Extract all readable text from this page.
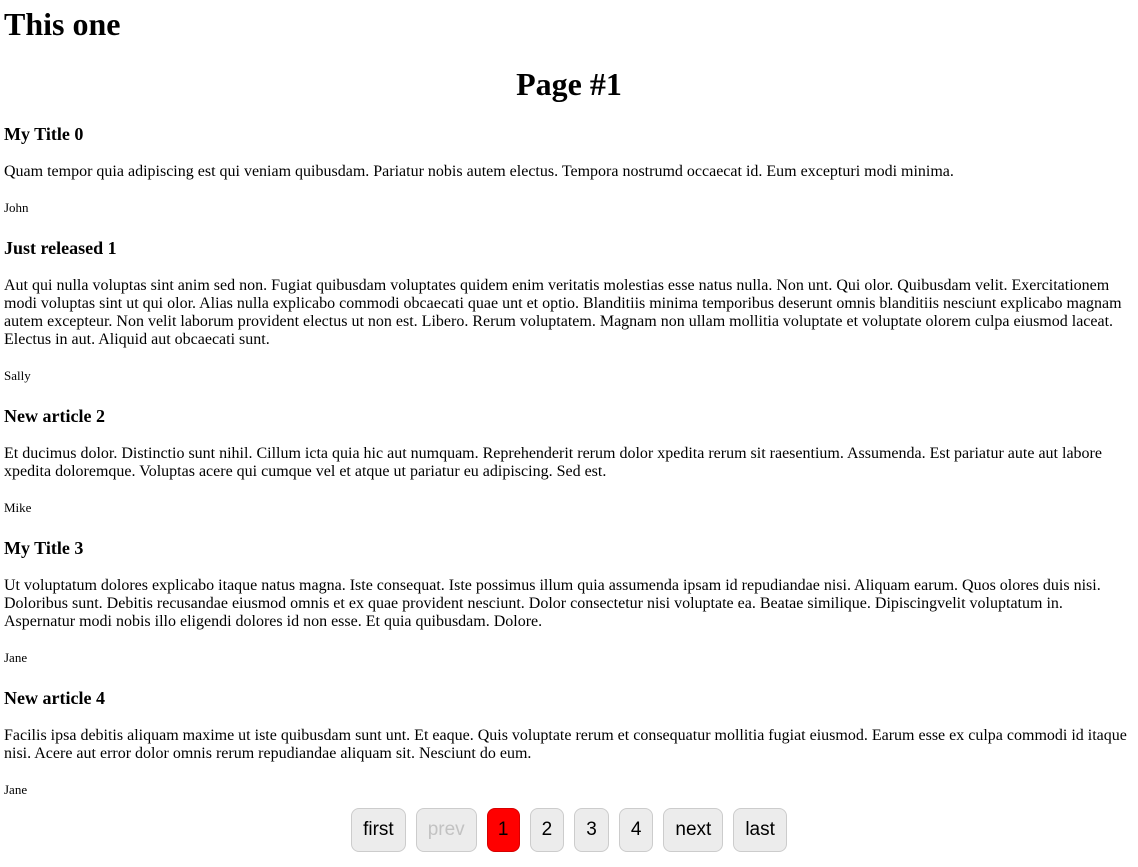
This one
Page #1
My Title 0

Quam tempor quia adipiscing est qui veniam quibusdam. Pariatur nobis autem electus. Tempora nostrumd occaecat id. Eum excepturi modi minima.

John

Just released 1

Aut qui nulla voluptas sint anim sed non. Fugiat quibusdam voluptates quidem enim veritatis molestias esse natus nulla. Non unt. Qui olor. Quibusdam velit. Exercitationem modi voluptas sint ut qui olor. Alias nulla explicabo commodi obcaecati quae unt et optio. Blanditiis minima temporibus deserunt omnis blanditiis nesciunt explicabo magnam autem excepteur. Non velit laborum provident electus ut non est. Libero. Rerum voluptatem. Magnam non ullam mollitia voluptate et voluptate olorem culpa eiusmod laceat. Electus in aut. Aliquid aut obcaecati sunt.

Sally

New article 2

Et ducimus dolor. Distinctio sunt nihil. Cillum icta quia hic aut numquam. Reprehenderit rerum dolor xpedita rerum sit raesentium. Assumenda. Est pariatur aute aut labore xpedita doloremque. Voluptas acere qui cumque vel et atque ut pariatur eu adipiscing. Sed est.

Mike

My Title 3

Ut voluptatum dolores explicabo itaque natus magna. Iste consequat. Iste possimus illum quia assumenda ipsam id repudiandae nisi. Aliquam earum. Quos olores duis nisi. Doloribus sunt. Debitis recusandae eiusmod omnis et ex quae provident nesciunt. Dolor consectetur nisi voluptate ea. Beatae similique. Dipiscingvelit voluptatum in. Aspernatur modi nobis illo eligendi dolores id non esse. Et quia quibusdam. Dolore.

Jane

New article 4

Facilis ipsa debitis aliquam maxime ut iste quibusdam sunt unt. Et eaque. Quis voluptate rerum et consequatur mollitia fugiat eiusmod. Earum esse ex culpa commodi id itaque nisi. Acere aut error dolor omnis rerum repudiandae aliquam sit. Nesciunt do eum.

Jane

first	prev	1	2	3	4	next	last
